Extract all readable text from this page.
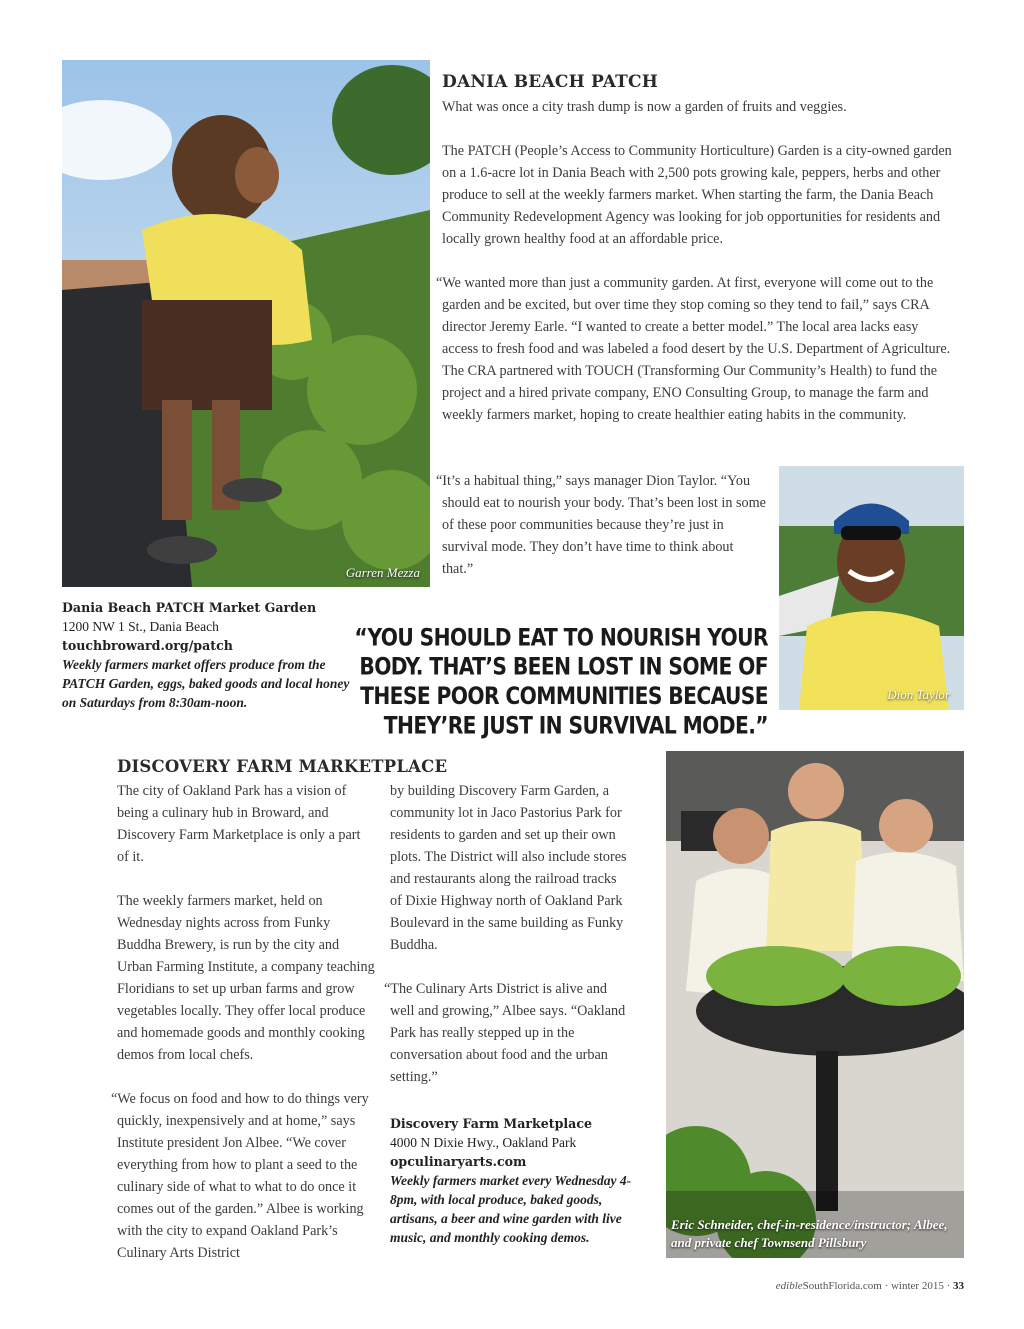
Garren Mezza
DANIA BEACH PATCH

What was once a city trash dump is now a garden of fruits and veggies.

The PATCH (People’s Access to Community Horticulture) Garden is a city-owned garden on a 1.6-acre lot in Dania Beach with 2,500 pots growing kale, peppers, herbs and other produce to sell at the weekly farmers market. When starting the farm, the Dania Beach Community Redevelopment Agency was looking for job opportunities for residents and locally grown healthy food at an affordable price.

“We wanted more than just a community garden. At first, everyone will come out to the garden and be excited, but over time they stop coming so they tend to fail,” says CRA director Jeremy Earle. “I wanted to create a better model.” The local area lacks easy access to fresh food and was labeled a food desert by the U.S. Department of Agriculture. The CRA partnered with TOUCH (Transforming Our Community’s Health) to fund the project and a hired private company, ENO Consulting Group, to manage the farm and weekly farmers market, hoping to create healthier eating habits in the community.

“It’s a habitual thing,” says manager Dion Taylor. “You should eat to nourish your body. That’s been lost in some of these poor communities because they’re just in survival mode. They don’t have time to think about that.”
Dion Taylor
Dania Beach PATCH Market Garden
1200 NW 1 St., Dania Beach
touchbroward.org/patch
Weekly farmers market offers produce from the PATCH Garden, eggs, baked goods and local honey on Saturdays from 8:30am-noon.
“YOU SHOULD EAT TO NOURISH YOUR BODY. THAT’S BEEN LOST IN SOME OF THESE POOR COMMUNITIES BECAUSE THEY’RE JUST IN SURVIVAL MODE.”
DISCOVERY FARM MARKETPLACE

The city of Oakland Park has a vision of being a culinary hub in Broward, and Discovery Farm Marketplace is only a part of it.

The weekly farmers market, held on Wednesday nights across from Funky Buddha Brewery, is run by the city and Urban Farming Institute, a company teaching Floridians to set up urban farms and grow vegetables locally. They offer local produce and homemade goods and monthly cooking demos from local chefs.

“We focus on food and how to do things very quickly, inexpensively and at home,” says Institute president Jon Albee. “We cover everything from how to plant a seed to the culinary side of what to what to do once it comes out of the garden.” Albee is working with the city to expand Oakland Park’s Culinary Arts District

by building Discovery Farm Garden, a community lot in Jaco Pastorius Park for residents to garden and set up their own plots. The District will also include stores and restaurants along the railroad tracks of Dixie Highway north of Oakland Park Boulevard in the same building as Funky Buddha.

“The Culinary Arts District is alive and well and growing,” Albee says. “Oakland Park has really stepped up in the conversation about food and the urban setting.”

Discovery Farm Marketplace
4000 N Dixie Hwy., Oakland Park
opculinaryarts.com
Weekly farmers market every Wednesday 4-8pm, with local produce, baked goods, artisans, a beer and wine garden with live music, and monthly cooking demos.
Eric Schneider, chef-in-residence/instructor; Albee, and private chef Townsend Pillsbury
edibleSouthFlorida.com · winter 2015 · 33
